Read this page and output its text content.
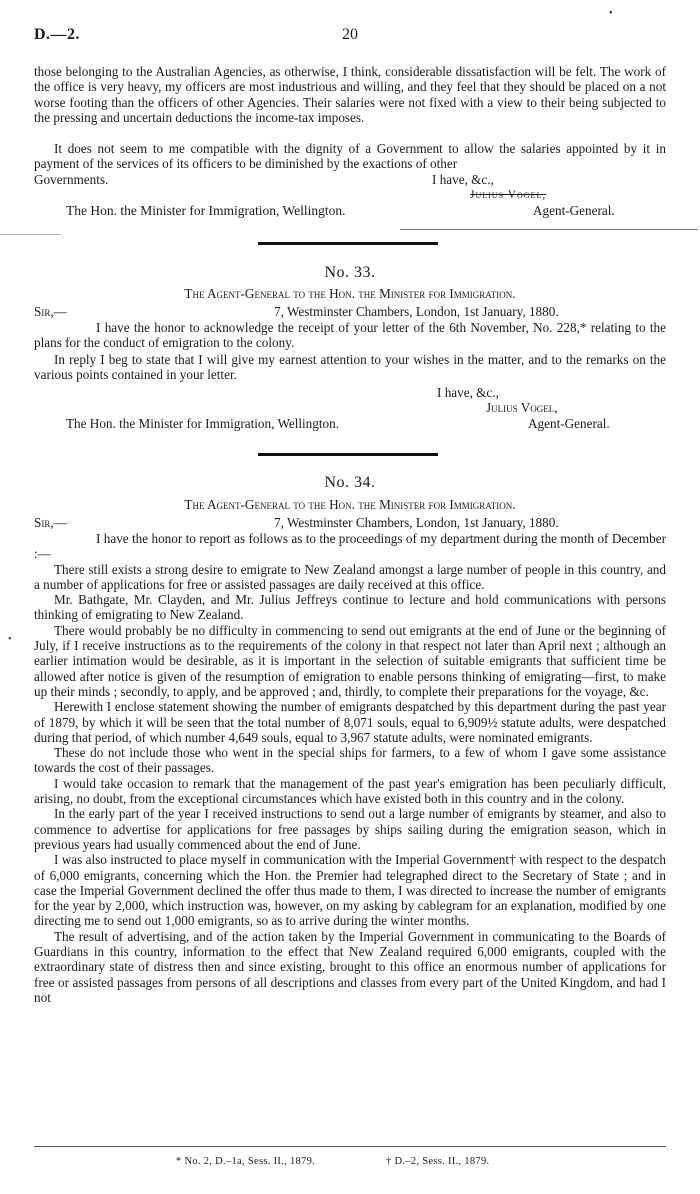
•
D.—2.	20

those belonging to the Australian Agencies, as otherwise, I think, considerable dissatisfaction will be felt. The work of the office is very heavy, my officers are most industrious and willing, and they feel that they should be placed on a not worse footing than the officers of other Agencies. Their salaries were not fixed with a view to their being subjected to the pressing and uncertain deductions the income-tax imposes.

It does not seem to me compatible with the dignity of a Government to allow the salaries appointed by it in payment of the services of its officers to be diminished by the exactions of other

Governments.	I have, &c.,
Julius Vogel,
The Hon. the Minister for Immigration, Wellington.	Agent-General.
No. 33.
The Agent-General to the Hon. the Minister for Immigration.
Sir,—	7, Westminster Chambers, London, 1st January, 1880.

I have the honor to acknowledge the receipt of your letter of the 6th November, No. 228,* relating to the plans for the conduct of emigration to the colony.

In reply I beg to state that I will give my earnest attention to your wishes in the matter, and to the remarks on the various points contained in your letter.

I have, &c.,
Julius Vogel,
The Hon. the Minister for Immigration, Wellington.	Agent-General.
No. 34.
The Agent-General to the Hon. the Minister for Immigration.
Sir,—	7, Westminster Chambers, London, 1st January, 1880.

I have the honor to report as follows as to the proceedings of my department during the month of December :—

There still exists a strong desire to emigrate to New Zealand amongst a large number of people in this country, and a number of applications for free or assisted passages are daily received at this office.

Mr. Bathgate, Mr. Clayden, and Mr. Julius Jeffreys continue to lecture and hold communications with persons thinking of emigrating to New Zealand.

There would probably be no difficulty in commencing to send out emigrants at the end of June or the beginning of July, if I receive instructions as to the requirements of the colony in that respect not later than April next ; although an earlier intimation would be desirable, as it is important in the selection of suitable emigrants that sufficient time be allowed after notice is given of the resumption of emigration to enable persons thinking of emigrating—first, to make up their minds ; secondly, to apply, and be approved ; and, thirdly, to complete their preparations for the voyage, &c.

Herewith I enclose statement showing the number of emigrants despatched by this department during the past year of 1879, by which it will be seen that the total number of 8,071 souls, equal to 6,909½ statute adults, were despatched during that period, of which number 4,649 souls, equal to 3,967 statute adults, were nominated emigrants.

These do not include those who went in the special ships for farmers, to a few of whom I gave some assistance towards the cost of their passages.

I would take occasion to remark that the management of the past year's emigration has been peculiarly difficult, arising, no doubt, from the exceptional circumstances which have existed both in this country and in the colony.

In the early part of the year I received instructions to send out a large number of emigrants by steamer, and also to commence to advertise for applications for free passages by ships sailing during the emigration season, which in previous years had usually commenced about the end of June.

I was also instructed to place myself in communication with the Imperial Government† with respect to the despatch of 6,000 emigrants, concerning which the Hon. the Premier had telegraphed direct to the Secretary of State ; and in case the Imperial Government declined the offer thus made to them, I was directed to increase the number of emigrants for the year by 2,000, which instruction was, however, on my asking by cablegram for an explanation, modified by one directing me to send out 1,000 emigrants, so as to arrive during the winter months.

The result of advertising, and of the action taken by the Imperial Government in communicating to the Boards of Guardians in this country, information to the effect that New Zealand required 6,000 emigrants, coupled with the extraordinary state of distress then and since existing, brought to this office an enormous number of applications for free or assisted passages from persons of all descriptions and classes from every part of the United Kingdom, and had I not

•
* No. 2, D.–1a, Sess. II., 1879.	† D.–2, Sess. II., 1879.
